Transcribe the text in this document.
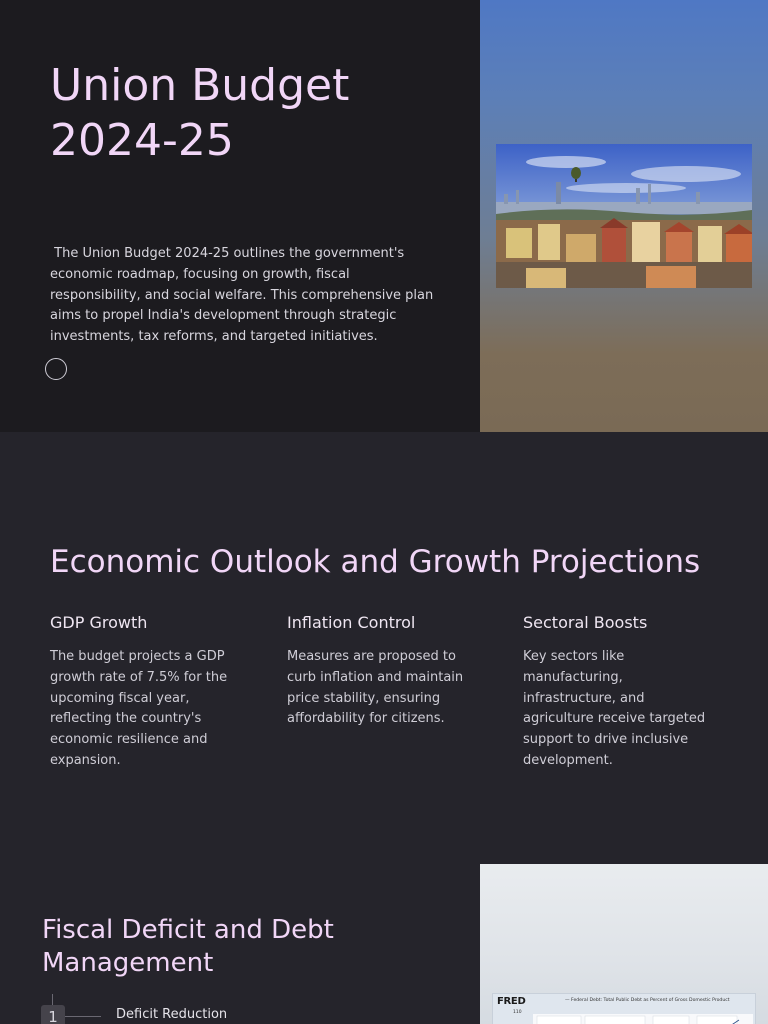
Union Budget 2024-25

The Union Budget 2024-25 outlines the government's economic roadmap, focusing on growth, fiscal responsibility, and social welfare. This comprehensive plan aims to propel India's development through strategic investments, tax reforms, and targeted initiatives.

Economic Outlook and Growth Projections
GDP Growth

The budget projects a GDP growth rate of 7.5% for the upcoming fiscal year, reflecting the country's economic resilience and expansion.

Inflation Control

Measures are proposed to curb inflation and maintain price stability, ensuring affordability for citizens.

Sectoral Boosts

Key sectors like manufacturing, infrastructure, and agriculture receive targeted support to drive inclusive development.

Fiscal Deficit and Debt Management
1	Deficit Reduction
FRED	— Federal Debt: Total Public Debt as Percent of Gross Domestic Product
110
